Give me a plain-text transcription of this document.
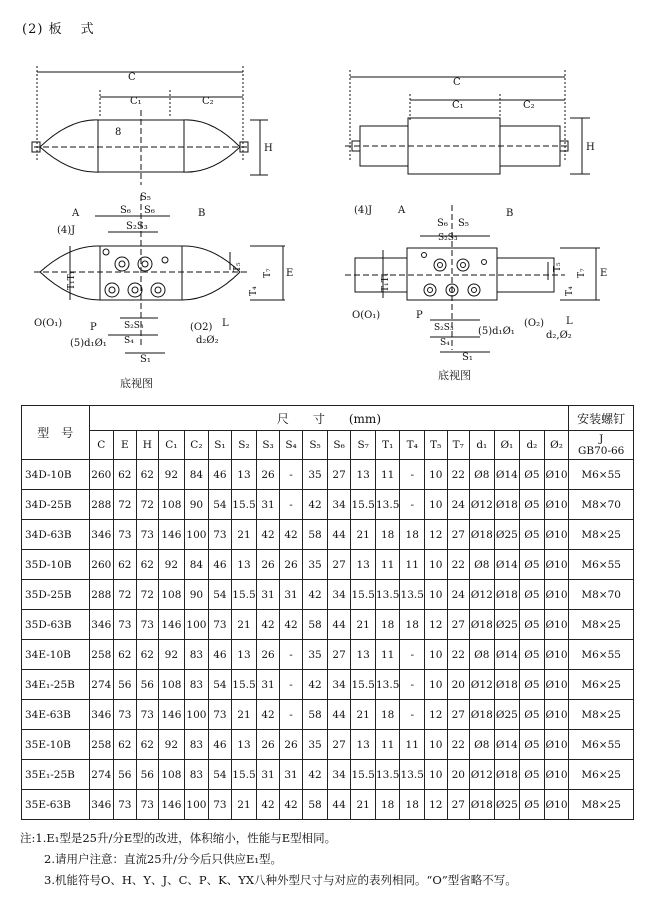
(2) 板 式
C
C₁	C₂
H
8
C
C₁	C₂
H
S₅
S₆ S₆
S₂S₃
A	B
(4)J
T₁T₁	T₇
T₅
T₄
E
O(O₁)	P
(5)d₁Ø₁
S₂S₃
S₄
S₁
(O2) L
d₂Ø₂
(4)J	A
S₆ S₅
S₂S₃
B
T₁T₁	T₇
T₅
T₄
E
O(O₁)	P
S₂S₃
S₄
(5)d₁Ø₁
(O₂) L
d₂,Ø₂
S₁
底视图
底视图
型　号	尺　　寸　　(mm)																				安装螺钉
	C	E	H	C₁	C₂	S₁	S₂	S₃	S₄	S₅	S₆	S₇	T₁	T₄	T₅	T₇	d₁	Ø₁	d₂	Ø₂	J
GB70-66

34D-10B	260	62	62	92	84	46	13	26	-	35	27	13	11	-	10	22	Ø8	Ø14	Ø5	Ø10	M6×55
34D-25B	288	72	72	108	90	54	15.5	31	-	42	34	15.5	13.5	-	10	24	Ø12	Ø18	Ø5	Ø10	M8×70
34D-63B	346	73	73	146	100	73	21	42	42	58	44	21	18	18	12	27	Ø18	Ø25	Ø5	Ø10	M8×25
35D-10B	260	62	62	92	84	46	13	26	26	35	27	13	11	11	10	22	Ø8	Ø14	Ø5	Ø10	M6×55
35D-25B	288	72	72	108	90	54	15.5	31	31	42	34	15.5	13.5	13.5	10	24	Ø12	Ø18	Ø5	Ø10	M8×70
35D-63B	346	73	73	146	100	73	21	42	42	58	44	21	18	18	12	27	Ø18	Ø25	Ø5	Ø10	M8×25
34E-10B	258	62	62	92	83	46	13	26	-	35	27	13	11	-	10	22	Ø8	Ø14	Ø5	Ø10	M6×55
34E₁-25B	274	56	56	108	83	54	15.5	31	-	42	34	15.5	13.5	-	10	20	Ø12	Ø18	Ø5	Ø10	M6×25
34E-63B	346	73	73	146	100	73	21	42	-	58	44	21	18	-	12	27	Ø18	Ø25	Ø5	Ø10	M8×25
35E-10B	258	62	62	92	83	46	13	26	26	35	27	13	11	11	10	22	Ø8	Ø14	Ø5	Ø10	M6×55
35E₁-25B	274	56	56	108	83	54	15.5	31	31	42	34	15.5	13.5	13.5	10	20	Ø12	Ø18	Ø5	Ø10	M6×25
35E-63B	346	73	73	146	100	73	21	42	42	58	44	21	18	18	12	27	Ø18	Ø25	Ø5	Ø10	M8×25
注:1.E₁型是25升/分E型的改进，体积缩小，性能与E型相同。
2.请用户注意：直流25升/分今后只供应E₁型。
3.机能符号O、H、Y、J、C、P、K、YX八种外型尺寸与对应的表列相同。“O”型省略不写。
